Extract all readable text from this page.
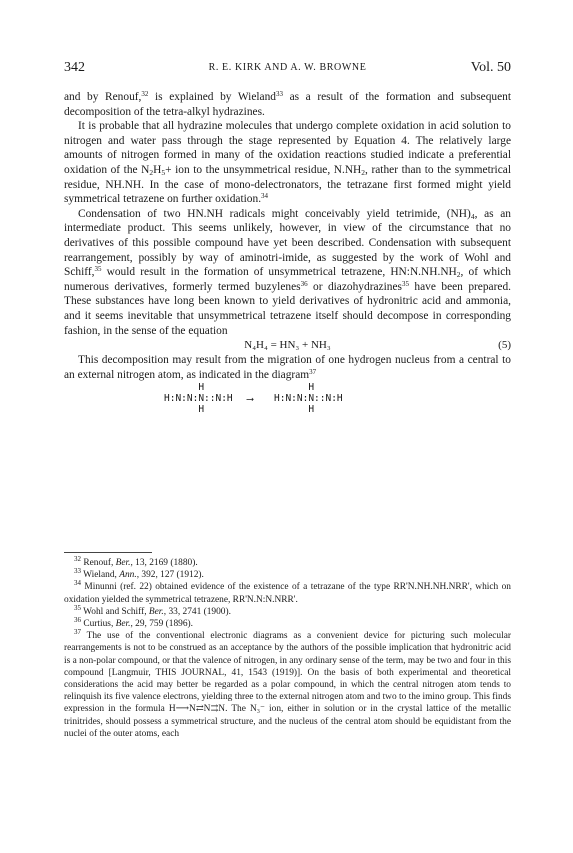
342	R. E. KIRK AND A. W. BROWNE	Vol. 50

and by Renouf,$^{32}$ is explained by Wieland$^{33}$ as a result of the formation and subsequent decomposition of the tetra-alkyl hydrazines.

It is probable that all hydrazine molecules that undergo complete oxidation in acid solution to nitrogen and water pass through the stage represented by Equation 4. The relatively large amounts of nitrogen formed in many of the oxidation reactions studied indicate a preferential oxidation of the $N_2H_5+$ ion to the unsymmetrical residue, $N.NH_2$, rather than to the symmetrical residue, NH.NH. In the case of mono-delectronators, the tetrazane first formed might yield symmetrical tetrazene on further oxidation.$^{34}$

Condensation of two HN.NH radicals might conceivably yield tetrimide, $(NH)_4$, as an intermediate product. This seems unlikely, however, in view of the circumstance that no derivatives of this possible compound have yet been described. Condensation with subsequent rearrangement, possibly by way of aminotri-imide, as suggested by the work of Wohl and Schiff,$^{35}$ would result in the formation of unsymmetrical tetrazene, $HN:N.NH.NH_2$, of which numerous derivatives, formerly termed buzylenes$^{36}$ or diazohydrazines$^{35}$ have been prepared. These substances have long been known to yield derivatives of hydronitric acid and ammonia, and it seems inevitable that unsymmetrical tetrazene itself should decompose in corresponding fashion, in the sense of the equation

N₄H₄ = HN₃ + NH₃	(5)

This decomposition may result from the migration of one hydrogen nucleus from a central to an external nitrogen atom, as indicated in the diagram$^{37}$

H
H:N:N:N::N:H
H
⟶
H
H:N:N:N::N:H
H

$^{32}$ Renouf, Ber., 13, 2169 (1880).

$^{33}$ Wieland, Ann., 392, 127 (1912).

$^{34}$ Minunni (ref. 22) obtained evidence of the existence of a tetrazane of the type RR'N.NH.NH.NRR', which on oxidation yielded the symmetrical tetrazene, RR'N.N:N.NRR'.

$^{35}$ Wohl and Schiff, Ber., 33, 2741 (1900).

$^{36}$ Curtius, Ber., 29, 759 (1896).

$^{37}$ The use of the conventional electronic diagrams as a convenient device for picturing such molecular rearrangements is not to be construed as an acceptance by the authors of the possible implication that hydronitric acid is a non-polar compound, or that the valence of nitrogen, in any ordinary sense of the term, may be two and four in this compound [Langmuir, THIS JOURNAL, 41, 1543 (1919)]. On the basis of both experimental and theoretical considerations the acid may better be regarded as a polar compound, in which the central nitrogen atom tends to relinquish its five valence electrons, yielding three to the external nitrogen atom and two to the imino group. This finds expression in the formula H⟶N⇄N⇉N. The N₃⁻ ion, either in solution or in the crystal lattice of the metallic trinitrides, should possess a symmetrical structure, and the nucleus of the central atom should be equidistant from the nuclei of the outer atoms, each
